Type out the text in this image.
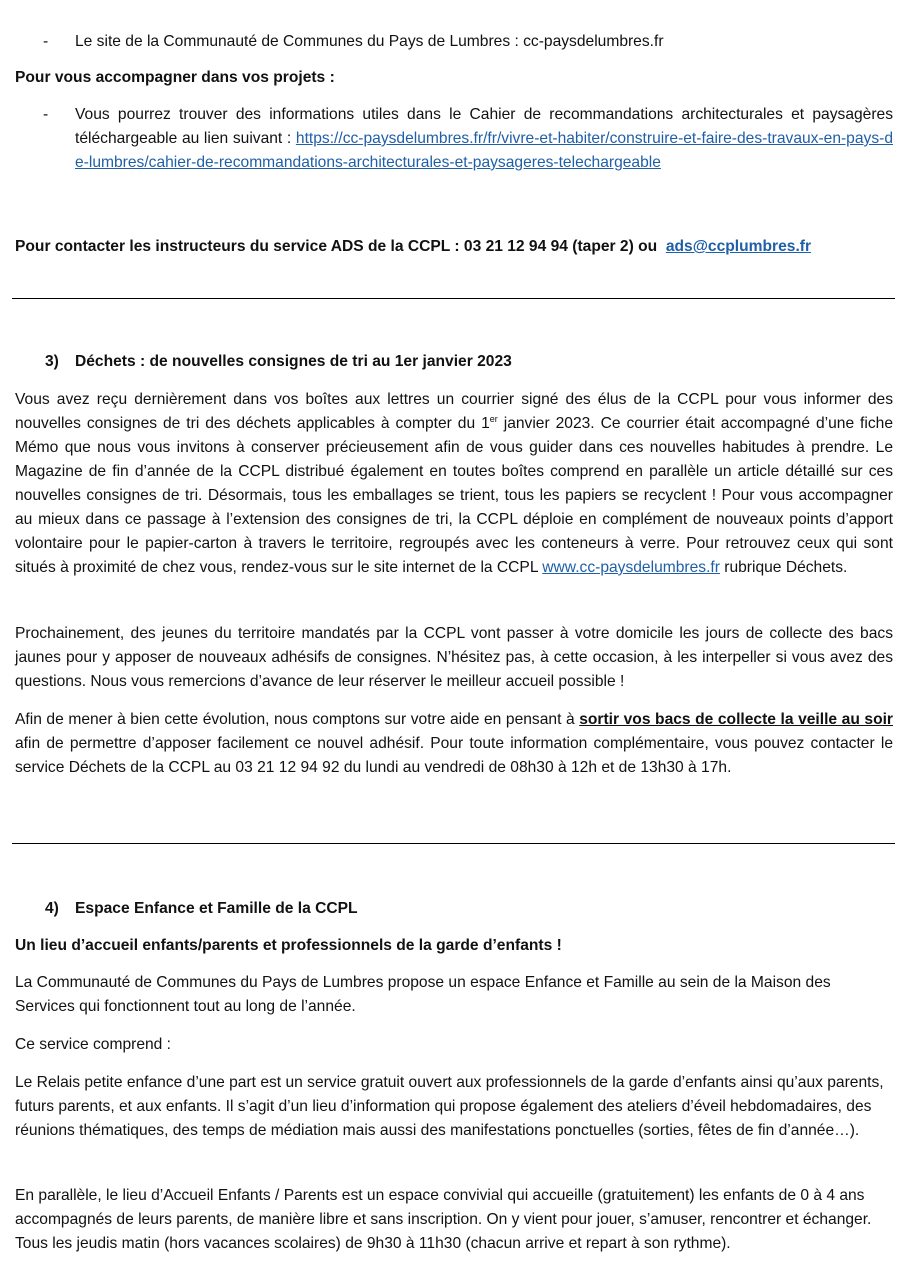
- Le site de la Communauté de Communes du Pays de Lumbres : cc-paysdelumbres.fr
Pour vous accompagner dans vos projets :
- Vous pourrez trouver des informations utiles dans le Cahier de recommandations architecturales et paysagères téléchargeable au lien suivant : https://cc-paysdelumbres.fr/fr/vivre-et-habiter/construire-et-faire-des-travaux-en-pays-de-lumbres/cahier-de-recommandations-architecturales-et-paysageres-telechargeable
Pour contacter les instructeurs du service ADS de la CCPL : 03 21 12 94 94 (taper 2) ou ads@ccplumbres.fr
3) Déchets : de nouvelles consignes de tri au 1er janvier 2023
Vous avez reçu dernièrement dans vos boîtes aux lettres un courrier signé des élus de la CCPL pour vous informer des nouvelles consignes de tri des déchets applicables à compter du 1er janvier 2023. Ce courrier était accompagné d’une fiche Mémo que nous vous invitons à conserver précieusement afin de vous guider dans ces nouvelles habitudes à prendre. Le Magazine de fin d’année de la CCPL distribué également en toutes boîtes comprend en parallèle un article détaillé sur ces nouvelles consignes de tri. Désormais, tous les emballages se trient, tous les papiers se recyclent ! Pour vous accompagner au mieux dans ce passage à l’extension des consignes de tri, la CCPL déploie en complément de nouveaux points d’apport volontaire pour le papier-carton à travers le territoire, regroupés avec les conteneurs à verre. Pour retrouvez ceux qui sont situés à proximité de chez vous, rendez-vous sur le site internet de la CCPL www.cc-paysdelumbres.fr rubrique Déchets.
Prochainement, des jeunes du territoire mandatés par la CCPL vont passer à votre domicile les jours de collecte des bacs jaunes pour y apposer de nouveaux adhésifs de consignes. N’hésitez pas, à cette occasion, à les interpeller si vous avez des questions. Nous vous remercions d’avance de leur réserver le meilleur accueil possible !
Afin de mener à bien cette évolution, nous comptons sur votre aide en pensant à sortir vos bacs de collecte la veille au soir afin de permettre d’apposer facilement ce nouvel adhésif. Pour toute information complémentaire, vous pouvez contacter le service Déchets de la CCPL au 03 21 12 94 92 du lundi au vendredi de 08h30 à 12h et de 13h30 à 17h.
4) Espace Enfance et Famille de la CCPL
Un lieu d’accueil enfants/parents et professionnels de la garde d’enfants !
La Communauté de Communes du Pays de Lumbres propose un espace Enfance et Famille au sein de la Maison des Services qui fonctionnent tout au long de l’année.
Ce service comprend :
Le Relais petite enfance d’une part est un service gratuit ouvert aux professionnels de la garde d’enfants ainsi qu’aux parents, futurs parents, et aux enfants. Il s’agit d’un lieu d’information qui propose également des ateliers d’éveil hebdomadaires, des réunions thématiques, des temps de médiation mais aussi des manifestations ponctuelles (sorties, fêtes de fin d’année…).
En parallèle, le lieu d’Accueil Enfants / Parents est un espace convivial qui accueille (gratuitement) les enfants de 0 à 4 ans accompagnés de leurs parents, de manière libre et sans inscription. On y vient pour jouer, s’amuser, rencontrer et échanger. Tous les jeudis matin (hors vacances scolaires) de 9h30 à 11h30 (chacun arrive et repart à son rythme).
